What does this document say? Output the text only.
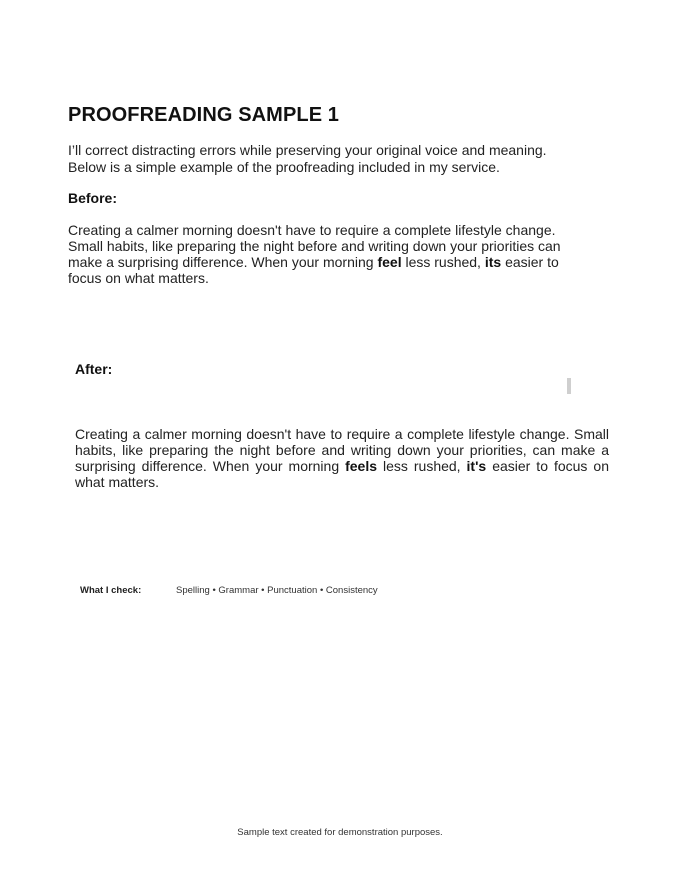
PROOFREADING SAMPLE 1
I’ll correct distracting errors while preserving your original voice and meaning.
Below is a simple example of the proofreading included in my service.
Before:

Creating a calmer morning doesn't have to require a complete lifestyle change. Small habits, like preparing the night before and writing down your priorities can make a surprising difference. When your morning feel less rushed, its easier to focus on what matters.

After:

Creating a calmer morning doesn't have to require a complete lifestyle change. Small habits, like preparing the night before and writing down your priorities, can make a surprising difference. When your morning feels less rushed, it's easier to focus on what matters.

What I check:	Spelling • Grammar • Punctuation • Consistency

Sample text created for demonstration purposes.
